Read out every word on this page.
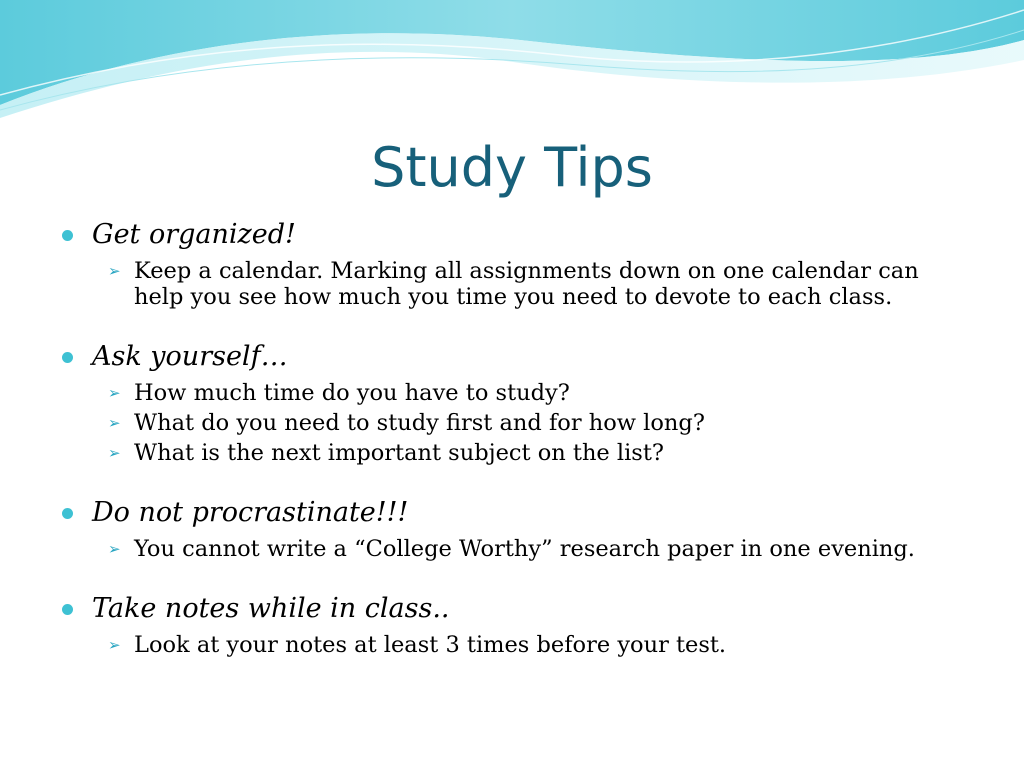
Study Tips
Get organized!
➢ Keep a calendar. Marking all assignments down on one calendar can help you see how much you time you need to devote to each class.
Ask yourself…
➢ How much time do you have to study?
➢ What do you need to study first and for how long?
➢ What is the next important subject on the list?
Do not procrastinate!!!
➢ You cannot write a “College Worthy” research paper in one evening.
Take notes while in class..
➢ Look at your notes at least 3 times before your test.
